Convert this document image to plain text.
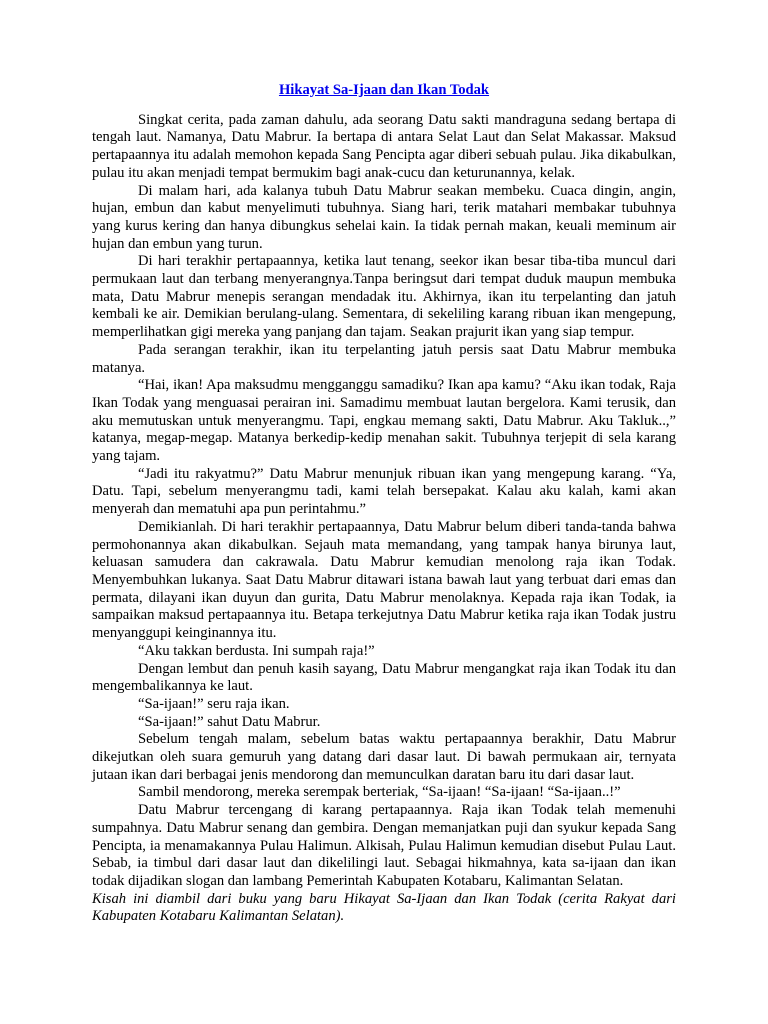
Hikayat Sa-Ijaan dan Ikan Todak

Singkat cerita, pada zaman dahulu, ada seorang Datu sakti mandraguna sedang bertapa di tengah laut. Namanya, Datu Mabrur. Ia bertapa di antara Selat Laut dan Selat Makassar. Maksud pertapaannya itu adalah memohon kepada Sang Pencipta agar diberi sebuah pulau. Jika dikabulkan, pulau itu akan menjadi tempat bermukim bagi anak-cucu dan keturunannya, kelak.

Di malam hari, ada kalanya tubuh Datu Mabrur seakan membeku. Cuaca dingin, angin, hujan, embun dan kabut menyelimuti tubuhnya. Siang hari, terik matahari membakar tubuhnya yang kurus kering dan hanya dibungkus sehelai kain. Ia tidak pernah makan, keuali meminum air hujan dan embun yang turun.

Di hari terakhir pertapaannya, ketika laut tenang, seekor ikan besar tiba-tiba muncul dari permukaan laut dan terbang menyerangnya.Tanpa beringsut dari tempat duduk maupun membuka mata, Datu Mabrur menepis serangan mendadak itu. Akhirnya, ikan itu terpelanting dan jatuh kembali ke air. Demikian berulang-ulang. Sementara, di sekeliling karang ribuan ikan mengepung, memperlihatkan gigi mereka yang panjang dan tajam. Seakan prajurit ikan yang siap tempur.

Pada serangan terakhir, ikan itu terpelanting jatuh persis saat Datu Mabrur membuka matanya.

“Hai, ikan! Apa maksudmu mengganggu samadiku? Ikan apa kamu? “Aku ikan todak, Raja Ikan Todak yang menguasai perairan ini. Samadimu membuat lautan bergelora. Kami terusik, dan aku memutuskan untuk menyerangmu. Tapi, engkau memang sakti, Datu Mabrur. Aku Takluk..,” katanya, megap-megap. Matanya berkedip-kedip menahan sakit. Tubuhnya terjepit di sela karang yang tajam.

“Jadi itu rakyatmu?” Datu Mabrur menunjuk ribuan ikan yang mengepung karang. “Ya, Datu. Tapi, sebelum menyerangmu tadi, kami telah bersepakat. Kalau aku kalah, kami akan menyerah dan mematuhi apa pun perintahmu.”

Demikianlah. Di hari terakhir pertapaannya, Datu Mabrur belum diberi tanda-tanda bahwa permohonannya akan dikabulkan. Sejauh mata memandang, yang tampak hanya birunya laut, keluasan samudera dan cakrawala. Datu Mabrur kemudian menolong raja ikan Todak. Menyembuhkan lukanya. Saat Datu Mabrur ditawari istana bawah laut yang terbuat dari emas dan permata, dilayani ikan duyun dan gurita, Datu Mabrur menolaknya. Kepada raja ikan Todak, ia sampaikan maksud pertapaannya itu. Betapa terkejutnya Datu Mabrur ketika raja ikan Todak justru menyanggupi keinginannya itu.

“Aku takkan berdusta. Ini sumpah raja!”

Dengan lembut dan penuh kasih sayang, Datu Mabrur mengangkat raja ikan Todak itu dan mengembalikannya ke laut.

“Sa-ijaan!” seru raja ikan.

“Sa-ijaan!” sahut Datu Mabrur.

Sebelum tengah malam, sebelum batas waktu pertapaannya berakhir, Datu Mabrur dikejutkan oleh suara gemuruh yang datang dari dasar laut. Di bawah permukaan air, ternyata jutaan ikan dari berbagai jenis mendorong dan memunculkan daratan baru itu dari dasar laut.

Sambil mendorong, mereka serempak berteriak, “Sa-ijaan! “Sa-ijaan! “Sa-ijaan..!”

Datu Mabrur tercengang di karang pertapaannya. Raja ikan Todak telah memenuhi sumpahnya. Datu Mabrur senang dan gembira. Dengan memanjatkan puji dan syukur kepada Sang Pencipta, ia menamakannya Pulau Halimun. Alkisah, Pulau Halimun kemudian disebut Pulau Laut. Sebab, ia timbul dari dasar laut dan dikelilingi laut. Sebagai hikmahnya, kata sa-ijaan dan ikan todak dijadikan slogan dan lambang Pemerintah Kabupaten Kotabaru, Kalimantan Selatan.

Kisah ini diambil dari buku yang baru Hikayat Sa-Ijaan dan Ikan Todak (cerita Rakyat dari Kabupaten Kotabaru Kalimantan Selatan).
